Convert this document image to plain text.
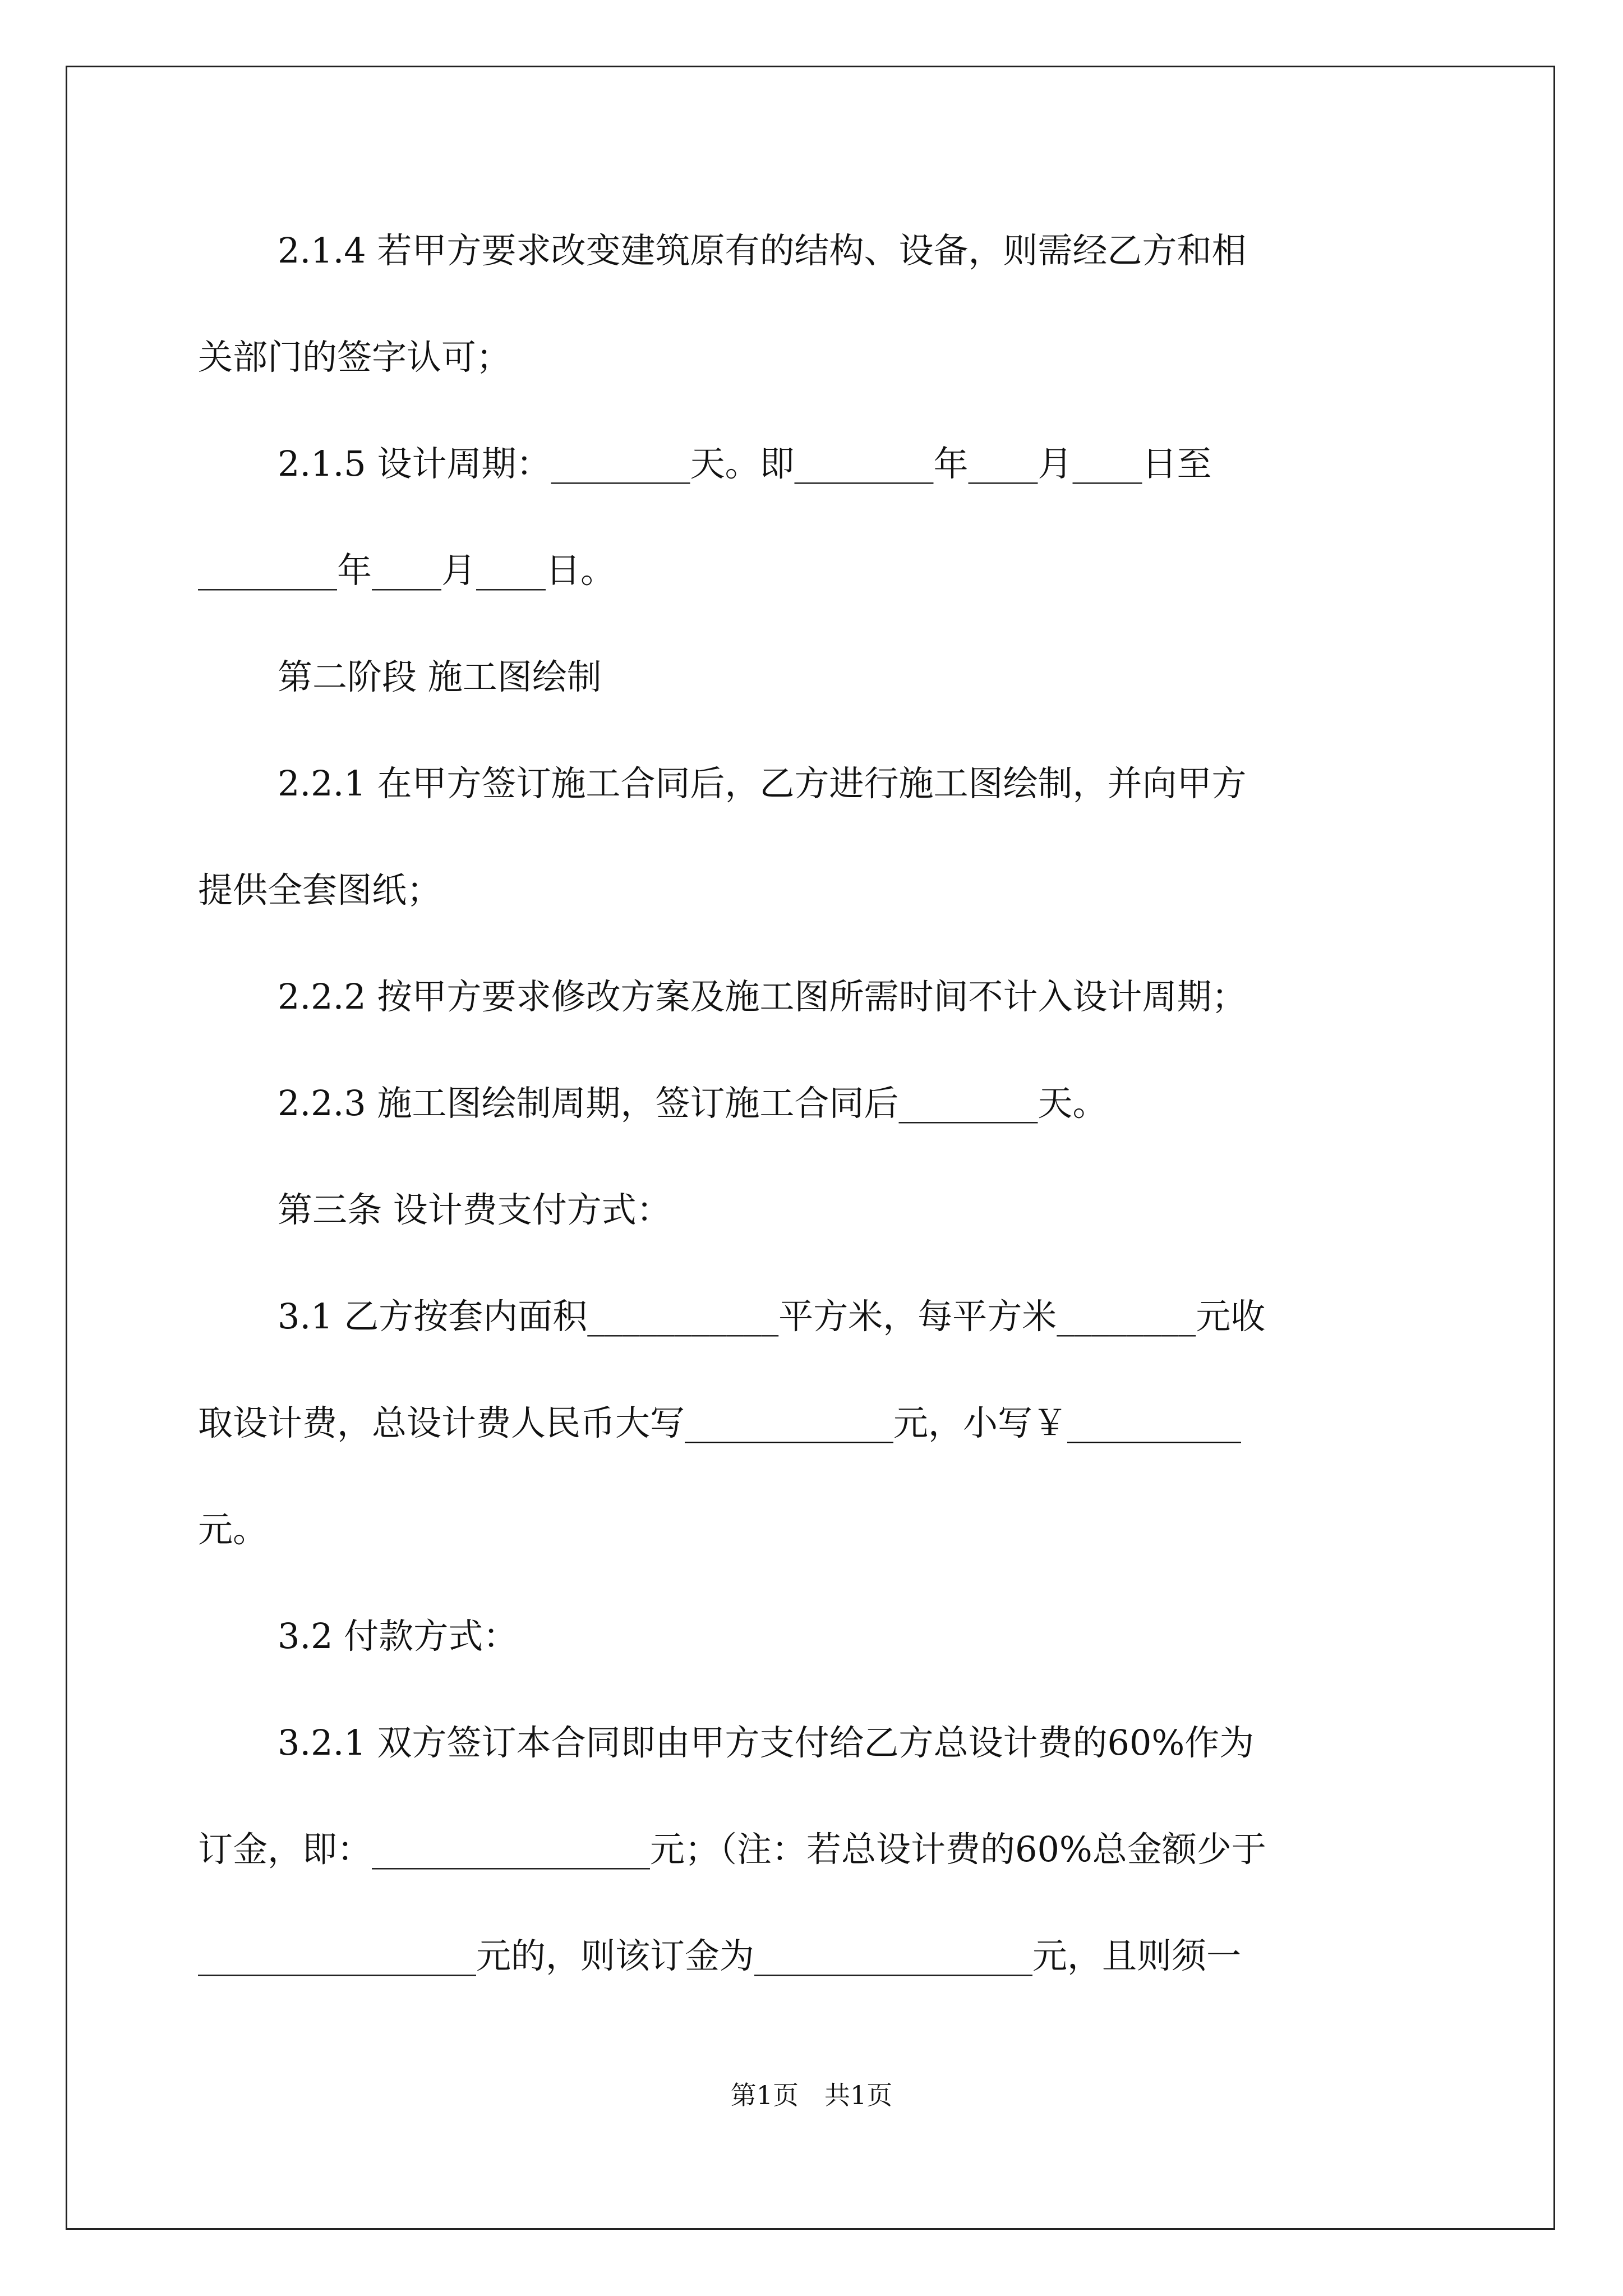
2.1.4 若甲方要求改变建筑原有的结构、设备，则需经乙方和相
关部门的签字认可；
2.1.5 设计周期：________天。即________年____月____日至
________年____月____日。
第二阶段 施工图绘制
2.2.1 在甲方签订施工合同后，乙方进行施工图绘制，并向甲方
提供全套图纸；
2.2.2 按甲方要求修改方案及施工图所需时间不计入设计周期；
2.2.3 施工图绘制周期，签订施工合同后________天。
第三条 设计费支付方式：
3.1 乙方按套内面积___________平方米，每平方米________元收
取设计费，总设计费人民币大写____________元，小写￥__________
元。
3.2 付款方式：
3.2.1 双方签订本合同即由甲方支付给乙方总设计费的60%作为
订金，即：________________元；（注：若总设计费的60%总金额少于
________________元的，则该订金为________________元，且则须一
第1页　共1页
